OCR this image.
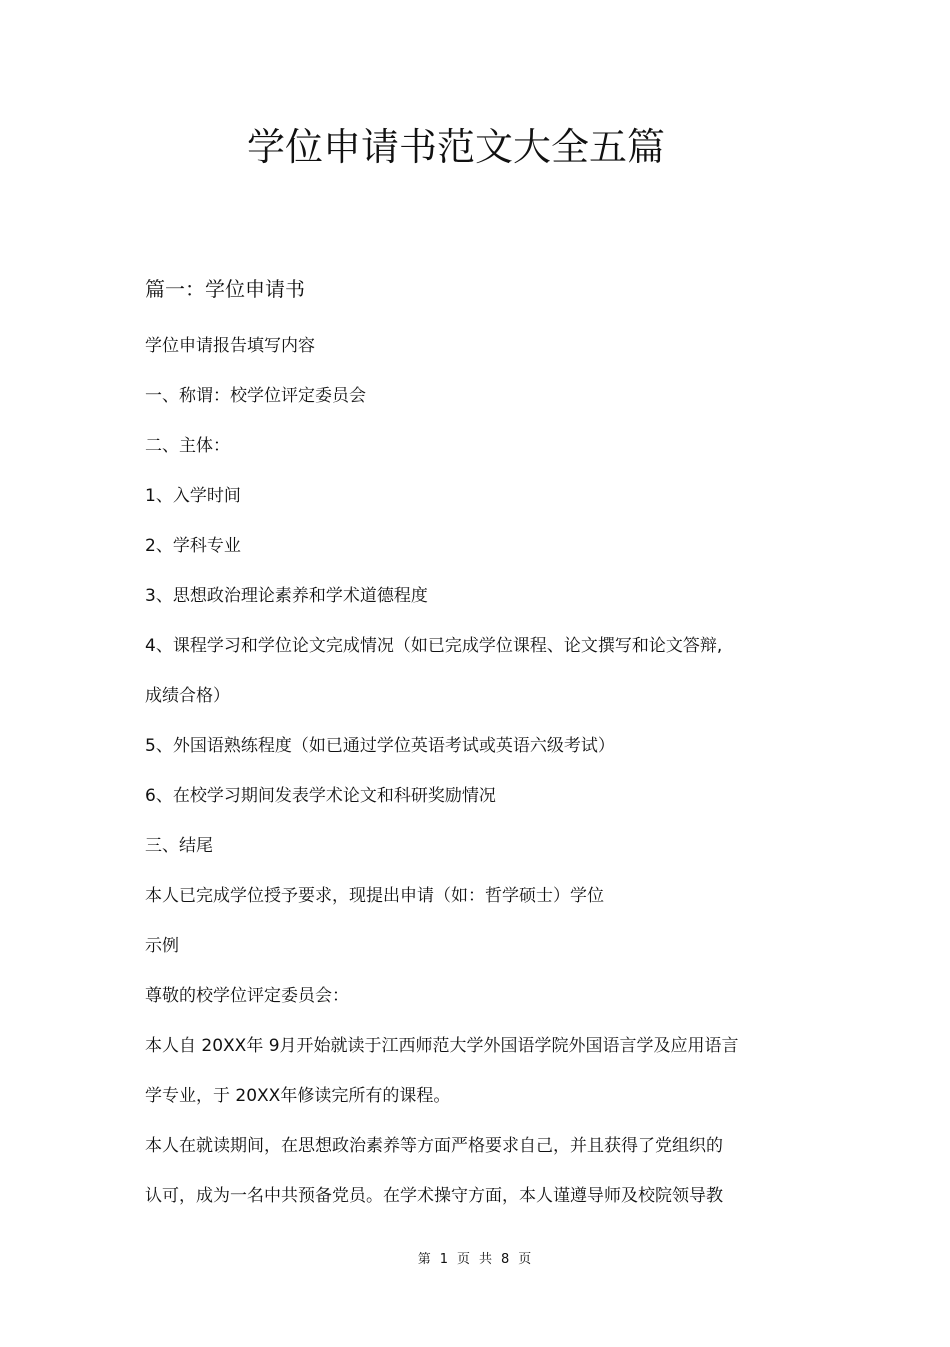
学位申请书范文大全五篇
篇一：学位申请书
学位申请报告填写内容
一、称谓：校学位评定委员会
二、主体：
1、入学时间
2、学科专业
3、思想政治理论素养和学术道德程度
4、课程学习和学位论文完成情况（如已完成学位课程、论文撰写和论文答辩,
成绩合格）
5、外国语熟练程度（如已通过学位英语考试或英语六级考试）
6、在校学习期间发表学术论文和科研奖励情况
三、结尾
本人已完成学位授予要求，现提出申请（如：哲学硕士）学位
示例
尊敬的校学位评定委员会：
本人自 20XX年 9月开始就读于江西师范大学外国语学院外国语言学及应用语言
学专业，于 20XX年修读完所有的课程。
本人在就读期间，在思想政治素养等方面严格要求自己，并且获得了党组织的
认可，成为一名中共预备党员。在学术操守方面，本人谨遵导师及校院领导教
第 1 页 共 8 页
